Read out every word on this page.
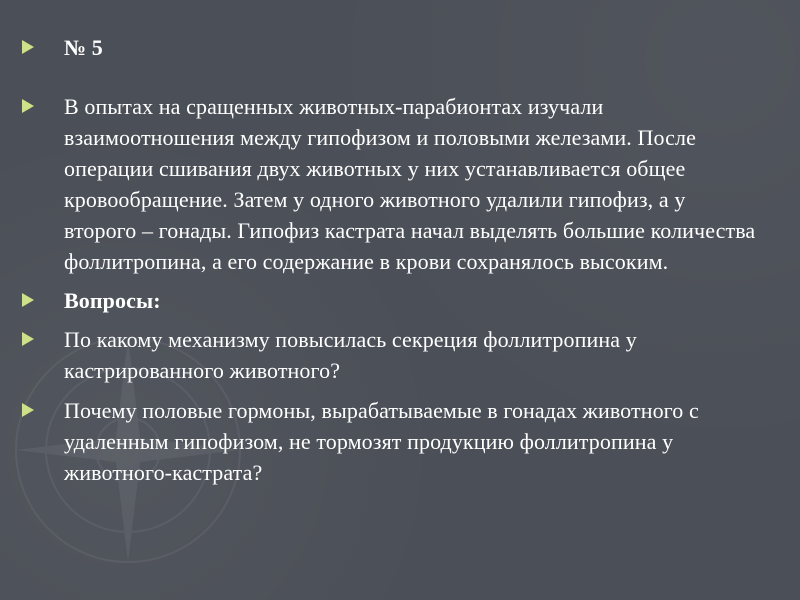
№ 5
В опытах на сращенных животных-парабионтах изучали взаимоотношения между гипофизом и половыми железами. После операции сшивания двух животных у них устанавливается общее кровообращение. Затем у одного животного удалили гипофиз, а у второго – гонады. Гипофиз кастрата начал выделять большие количества фоллитропина, а его содержание в крови сохранялось высоким.
Вопросы:
По какому механизму повысилась секреция фоллитропина у кастрированного животного?
Почему половые гормоны, вырабатываемые в гонадах животного с удаленным гипофизом, не тормозят продукцию фоллитропина у животного-кастрата?
